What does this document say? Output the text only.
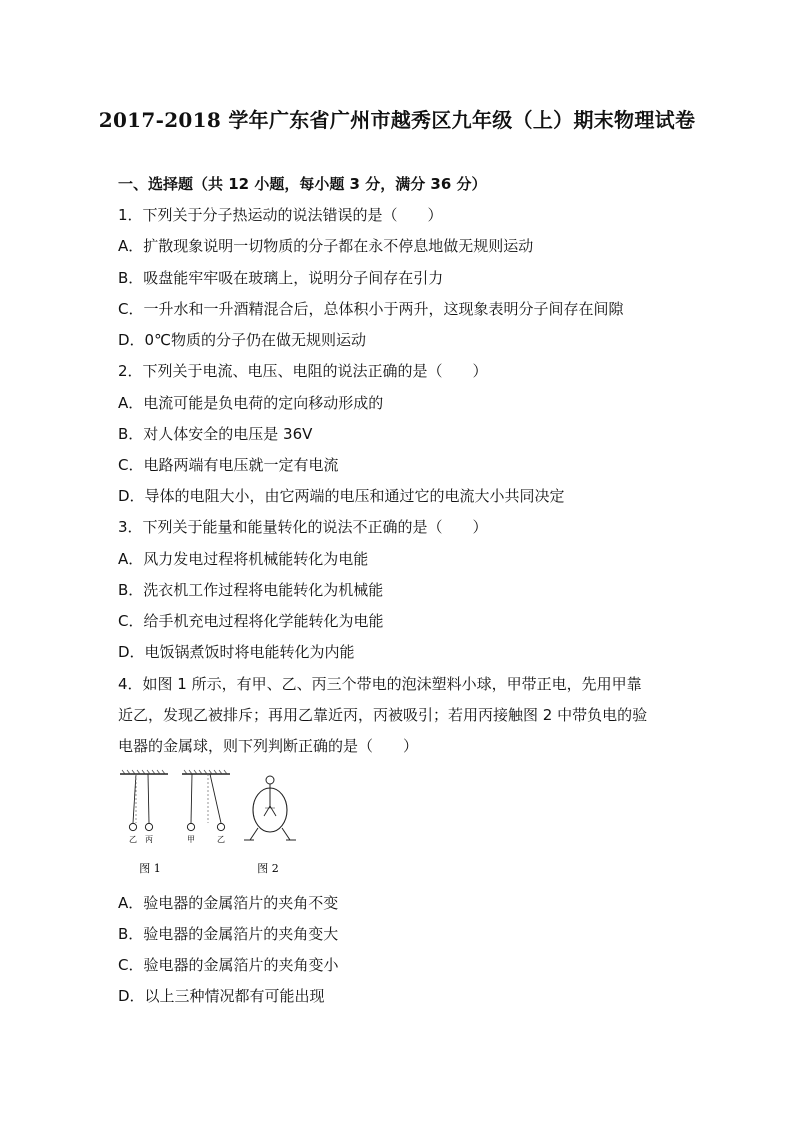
2017-2018 学年广东省广州市越秀区九年级（上）期末物理试卷
一、选择题（共 12 小题，每小题 3 分，满分 36 分）
1．下列关于分子热运动的说法错误的是（　　）
A．扩散现象说明一切物质的分子都在永不停息地做无规则运动
B．吸盘能牢牢吸在玻璃上，说明分子间存在引力
C．一升水和一升酒精混合后，总体积小于两升，这现象表明分子间存在间隙
D．0℃物质的分子仍在做无规则运动
2．下列关于电流、电压、电阻的说法正确的是（　　）
A．电流可能是负电荷的定向移动形成的
B．对人体安全的电压是 36V
C．电路两端有电压就一定有电流
D．导体的电阻大小，由它两端的电压和通过它的电流大小共同决定
3．下列关于能量和能量转化的说法不正确的是（　　）
A．风力发电过程将机械能转化为电能
B．洗衣机工作过程将电能转化为机械能
C．给手机充电过程将化学能转化为电能
D．电饭锅煮饭时将电能转化为内能
4．如图 1 所示，有甲、乙、丙三个带电的泡沫塑料小球，甲带正电，先用甲靠
近乙，发现乙被排斥；再用乙靠近丙，丙被吸引；若用丙接触图 2 中带负电的验
电器的金属球，则下列判断正确的是（　　）
A．验电器的金属箔片的夹角不变
B．验电器的金属箔片的夹角变大
C．验电器的金属箔片的夹角变小
D．以上三种情况都有可能出现
乙 丙	甲	乙
图 1	图 2
